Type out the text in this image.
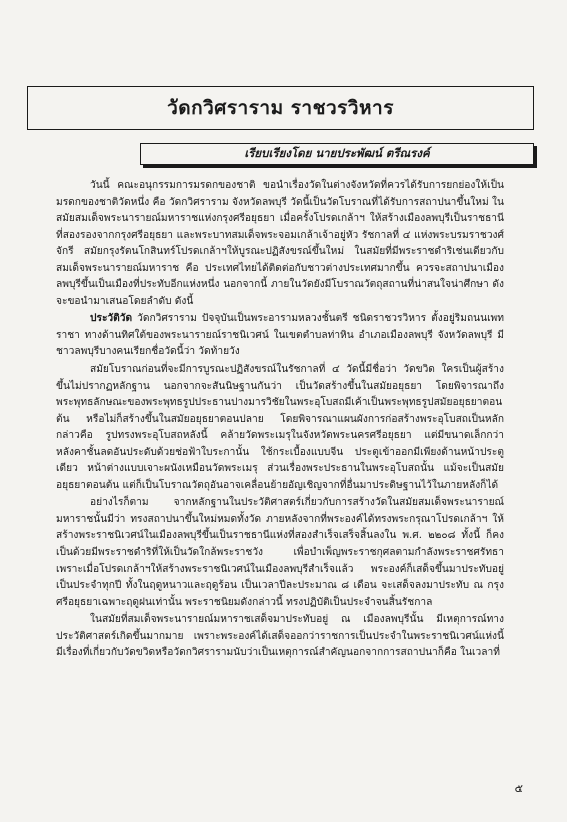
วัดกวิศราราม ราชวรวิหาร
เรียบเรียงโดย นายประพัฒน์ ตรีณรงค์

วันนี้ คณะอนุกรรมการมรดกของชาติ ขอนำเรื่องวัดในต่างจังหวัดที่ควรได้รับการยกย่องให้เป็นมรดกของชาติวัดหนึ่ง คือ วัดกวิศราราม จังหวัดลพบุรี วัดนี้เป็นวัดโบราณที่ได้รับการสถาปนาขึ้นใหม่ ในสมัยสมเด็จพระนารายณ์มหาราชแห่งกรุงศรีอยุธยา เมื่อครั้งโปรดเกล้าฯ ให้สร้างเมืองลพบุรีเป็นราชธานีที่สองรองจากกรุงศรีอยุธยา และพระบาทสมเด็จพระจอมเกล้าเจ้าอยู่หัว รัชกาลที่ ๔ แห่งพระบรมราชวงศ์จักรี สมัยกรุงรัตนโกสินทร์โปรดเกล้าฯให้บูรณะปฏิสังขรณ์ขึ้นใหม่ ในสมัยที่มีพระราชดำริเช่นเดียวกับสมเด็จพระนารายณ์มหาราช คือ ประเทศไทยได้ติดต่อกับชาวต่างประเทศมากขึ้น ควรจะสถาปนาเมืองลพบุรีขึ้นเป็นเมืองที่ประทับอีกแห่งหนึ่ง นอกจากนี้ ภายในวัดยังมีโบราณวัตถุสถานที่น่าสนใจน่าศึกษา ดังจะขอนำมาเสนอโดยลำดับ ดังนี้

ประวัติวัด วัดกวิศราราม ปัจจุบันเป็นพระอารามหลวงชั้นตรี ชนิดราชวรวิหาร ตั้งอยู่ริมถนนเพทราชา ทางด้านทิศใต้ของพระนารายณ์ราชนิเวศน์ ในเขตตำบลท่าหิน อำเภอเมืองลพบุรี จังหวัดลพบุรี มีชาวลพบุรีบางคนเรียกชื่อวัดนี้ว่า วัดท้ายวัง

สมัยโบราณก่อนที่จะมีการบูรณะปฏิสังขรณ์ในรัชกาลที่ ๔ วัดนี้มีชื่อว่า วัดขวิด ใครเป็นผู้สร้างขึ้นไม่ปรากฏหลักฐาน นอกจากจะสันนิษฐานกันว่า เป็นวัดสร้างขึ้นในสมัยอยุธยา โดยพิจารณาถึงพระพุทธลักษณะของพระพุทธรูปประธานปางมารวิชัยในพระอุโบสถมีเค้าเป็นพระพุทธรูปสมัยอยุธยาตอนต้น หรือไม่ก็สร้างขึ้นในสมัยอยุธยาตอนปลาย โดยพิจารณาแผนผังการก่อสร้างพระอุโบสถเป็นหลัก กล่าวคือ รูปทรงพระอุโบสถหลังนี้ คล้ายวัดพระเมรุในจังหวัดพระนครศรีอยุธยา แต่มีขนาดเล็กกว่า หลังคาชั้นลดอันประดับด้วยช่อฟ้าใบระกานั้น ใช้กระเบื้องแบบจีน ประตูเข้าออกมีเพียงด้านหน้าประตูเดียว หน้าต่างแบบเจาะผนังเหมือนวัดพระเมรุ ส่วนเรื่องพระประธานในพระอุโบสถนั้น แม้จะเป็นสมัยอยุธยาตอนต้น แต่ก็เป็นโบราณวัตถุอันอาจเคลื่อนย้ายอัญเชิญจากที่อื่นมาประดิษฐานไว้ในภายหลังก็ได้

อย่างไรก็ตาม จากหลักฐานในประวัติศาสตร์เกี่ยวกับการสร้างวัดในสมัยสมเด็จพระนารายณ์มหาราชนั้นมีว่า ทรงสถาปนาขึ้นใหม่หมดทั้งวัด ภายหลังจากที่พระองค์ได้ทรงพระกรุณาโปรดเกล้าฯ ให้สร้างพระราชนิเวศน์ในเมืองลพบุรีขึ้นเป็นราชธานีแห่งที่สองสำเร็จเสร็จสิ้นลงใน พ.ศ. ๒๒๐๘ ทั้งนี้ ก็คงเป็นด้วยมีพระราชดำริที่ให้เป็นวัดใกล้พระราชวัง เพื่อบำเพ็ญพระราชกุศลตามกำลังพระราชศรัทธา เพราะเมื่อโปรดเกล้าฯให้สร้างพระราชนิเวศน์ในเมืองลพบุรีสำเร็จแล้ว พระองค์ก็เสด็จขึ้นมาประทับอยู่เป็นประจำทุกปี ทั้งในฤดูหนาวและฤดูร้อน เป็นเวลาปีละประมาณ ๘ เดือน จะเสด็จลงมาประทับ ณ กรุงศรีอยุธยาเฉพาะฤดูฝนเท่านั้น พระราชนิยมดังกล่าวนี้ ทรงปฏิบัติเป็นประจำจนสิ้นรัชกาล

ในสมัยที่สมเด็จพระนารายณ์มหาราชเสด็จมาประทับอยู่ ณ เมืองลพบุรีนั้น มีเหตุการณ์ทางประวัติศาสตร์เกิดขึ้นมากมาย เพราะพระองค์ได้เสด็จออกว่าราชการเป็นประจำในพระราชนิเวศน์แห่งนี้ มีเรื่องที่เกี่ยวกับวัดขวิดหรือวัดกวิศรารามนับว่าเป็นเหตุการณ์สำคัญนอกจากการสถาปนาก็คือ ในเวลาที่

๕
